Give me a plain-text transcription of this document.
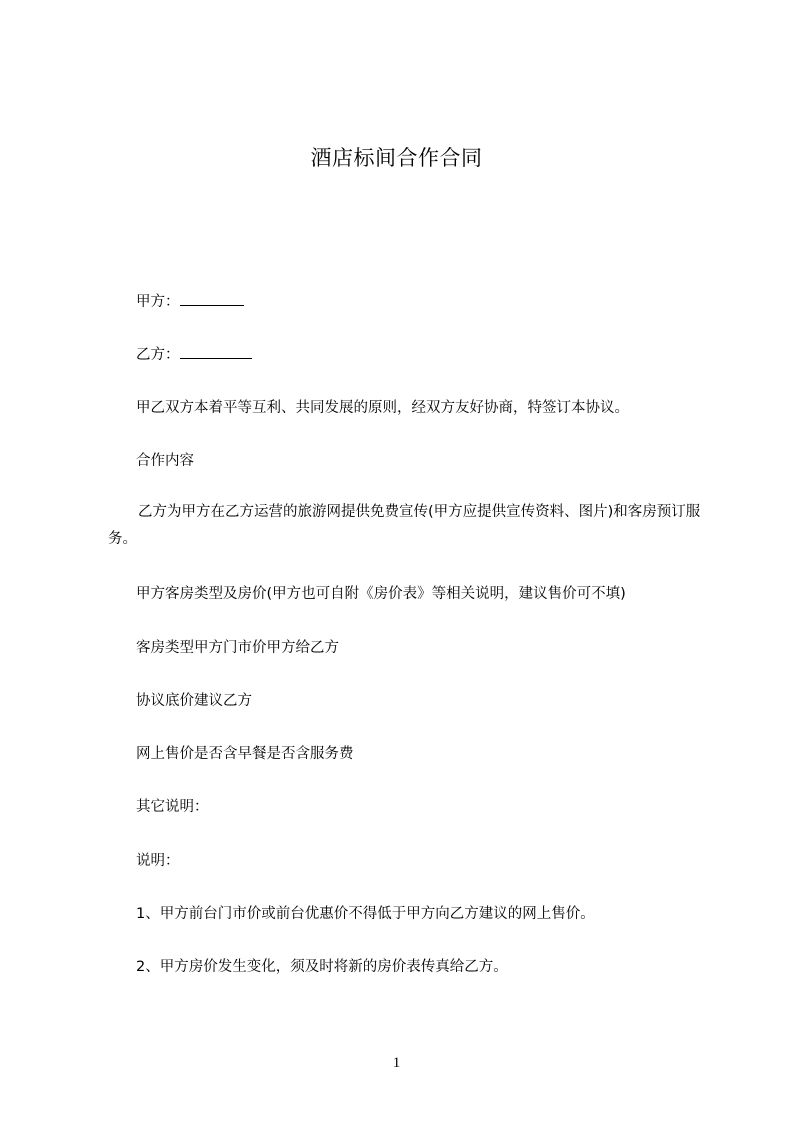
酒店标间合作合同
甲方：
乙方：
甲乙双方本着平等互利、共同发展的原则，经双方友好协商，特签订本协议。
合作内容
乙方为甲方在乙方运营的旅游网提供免费宣传(甲方应提供宣传资料、图片)和客房预订服务。
甲方客房类型及房价(甲方也可自附《房价表》等相关说明，建议售价可不填)
客房类型甲方门市价甲方给乙方
协议底价建议乙方
网上售价是否含早餐是否含服务费
其它说明：
说明：
1、甲方前台门市价或前台优惠价不得低于甲方向乙方建议的网上售价。
2、甲方房价发生变化，须及时将新的房价表传真给乙方。
1
